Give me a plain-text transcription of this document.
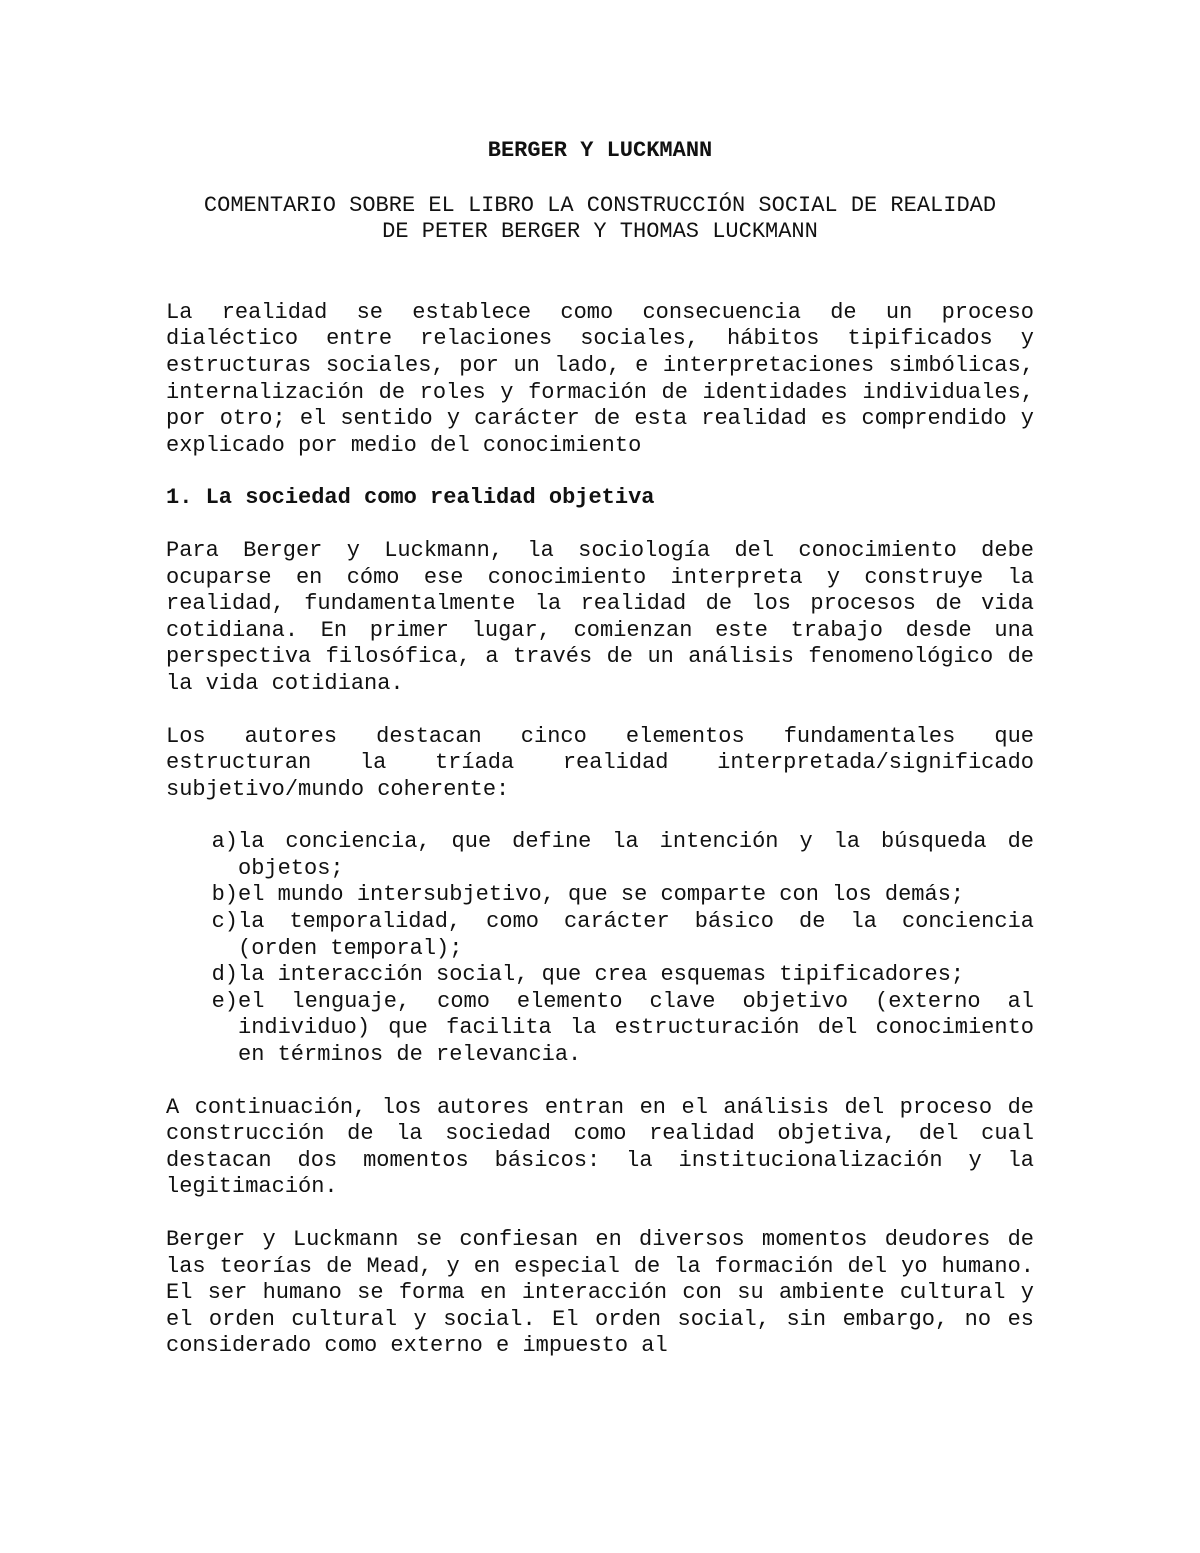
BERGER Y LUCKMANN

COMENTARIO SOBRE EL LIBRO LA CONSTRUCCIÓN SOCIAL DE REALIDAD
DE PETER BERGER Y THOMAS LUCKMANN

La realidad se establece como consecuencia de un proceso dialéctico entre relaciones sociales, hábitos tipificados y estructuras sociales, por un lado, e interpretaciones simbólicas, internalización de roles y formación de identidades individuales, por otro; el sentido y carácter de esta realidad es comprendido y explicado por medio del conocimiento

1. La sociedad como realidad objetiva

Para Berger y Luckmann, la sociología del conocimiento debe ocuparse en cómo ese conocimiento interpreta y construye la realidad, fundamentalmente la realidad de los procesos de vida cotidiana. En primer lugar, comienzan este trabajo desde una perspectiva filosófica, a través de un análisis fenomenológico de la vida cotidiana.

Los autores destacan cinco elementos fundamentales que estructuran la tríada realidad interpretada/significado subjetivo/mundo coherente:

a) la conciencia, que define la intención y la búsqueda de objetos;
b) el mundo intersubjetivo, que se comparte con los demás;
c) la temporalidad, como carácter básico de la conciencia (orden temporal);
d) la interacción social, que crea esquemas tipificadores;
e) el lenguaje, como elemento clave objetivo (externo al individuo) que facilita la estructuración del conocimiento en términos de relevancia.

A continuación, los autores entran en el análisis del proceso de construcción de la sociedad como realidad objetiva, del cual destacan dos momentos básicos: la institucionalización y la legitimación.

Berger y Luckmann se confiesan en diversos momentos deudores de las teorías de Mead, y en especial de la formación del yo humano. El ser humano se forma en interacción con su ambiente cultural y el orden cultural y social. El orden social, sin embargo, no es considerado como externo e impuesto al
